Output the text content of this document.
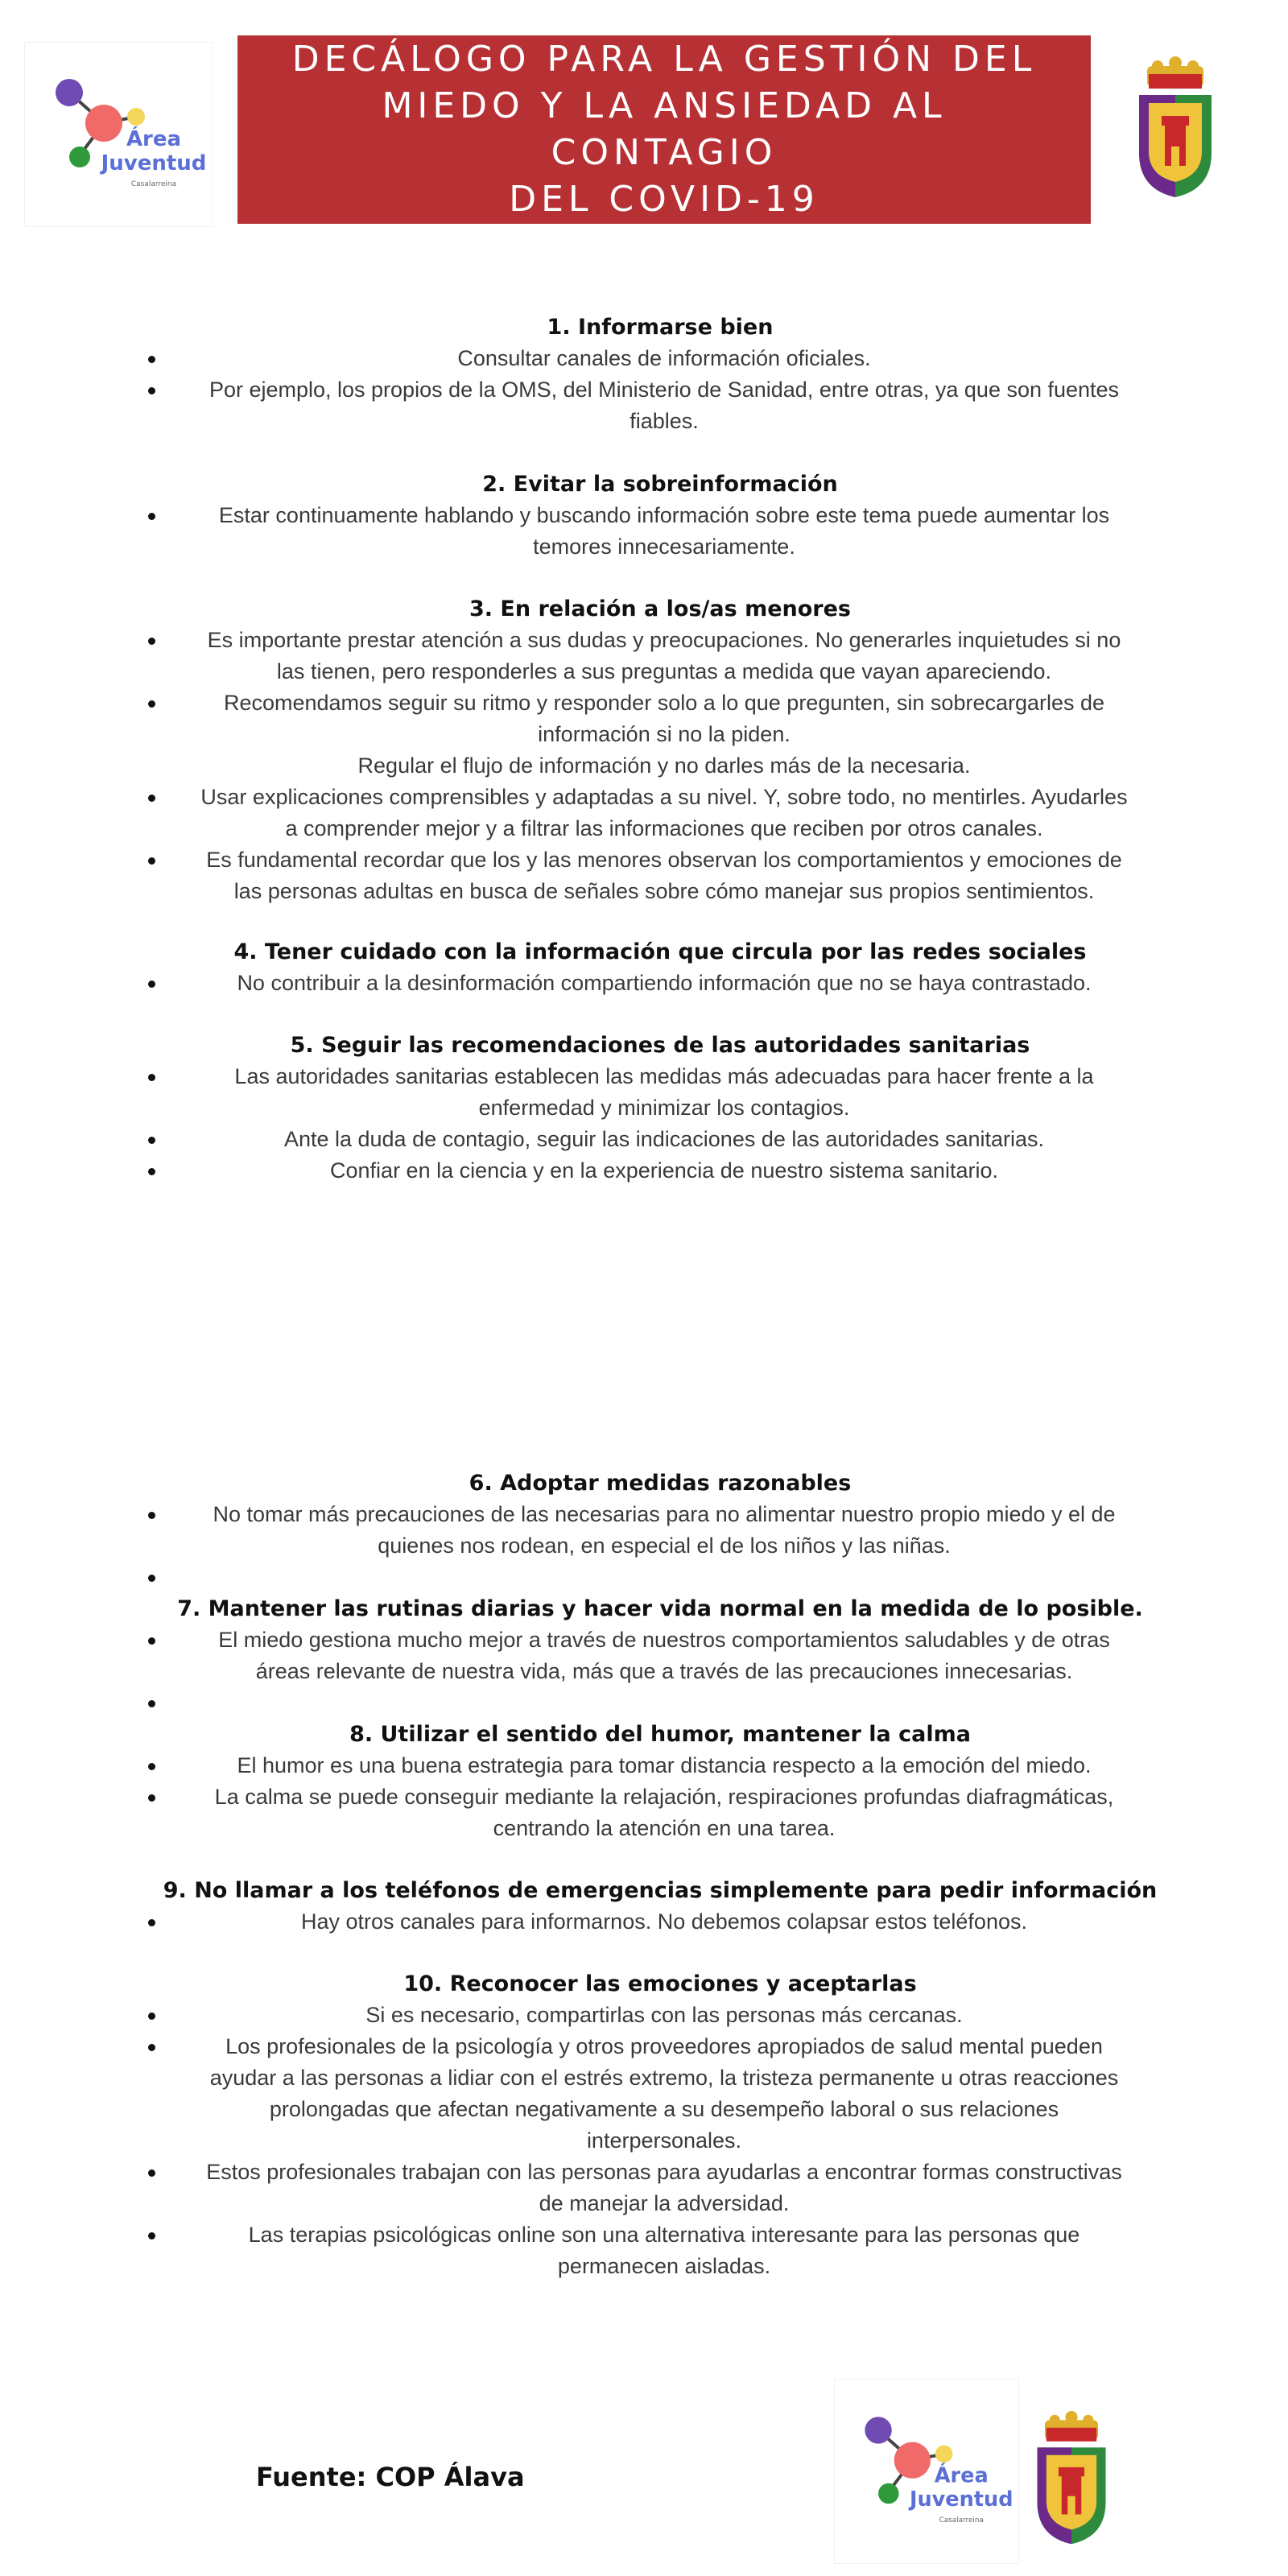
Área
Juventud
Casalarreina
DECÁLOGO PARA LA GESTIÓN DEL
MIEDO Y LA ANSIEDAD AL CONTAGIO
DEL COVID-19
1. Informarse bien
Consultar canales de información oficiales.
Por ejemplo, los propios de la OMS, del Ministerio de Sanidad, entre otras, ya que son fuentes fiables.
2. Evitar la sobreinformación
Estar continuamente hablando y buscando información sobre este tema puede aumentar los temores innecesariamente.
3. En relación a los/as menores
Es importante prestar atención a sus dudas y preocupaciones. No generarles inquietudes si no las tienen, pero responderles a sus preguntas a medida que vayan apareciendo.
Recomendamos seguir su ritmo y responder solo a lo que pregunten, sin sobrecargarles de información si no la piden.
Regular el flujo de información y no darles más de la necesaria.
Usar explicaciones comprensibles y adaptadas a su nivel. Y, sobre todo, no mentirles. Ayudarles a comprender mejor y a filtrar las informaciones que reciben por otros canales.
Es fundamental recordar que los y las menores observan los comportamientos y emociones de las personas adultas en busca de señales sobre cómo manejar sus propios sentimientos.
4. Tener cuidado con la información que circula por las redes sociales
No contribuir a la desinformación compartiendo información que no se haya contrastado.
5. Seguir las recomendaciones de las autoridades sanitarias
Las autoridades sanitarias establecen las medidas más adecuadas para hacer frente a la enfermedad y minimizar los contagios.
Ante la duda de contagio, seguir las indicaciones de las autoridades sanitarias.
Confiar en la ciencia y en la experiencia de nuestro sistema sanitario.
6. Adoptar medidas razonables
No tomar más precauciones de las necesarias para no alimentar nuestro propio miedo y el de quienes nos rodean, en especial el de los niños y las niñas.
7. Mantener las rutinas diarias y hacer vida normal en la medida de lo posible.
El miedo gestiona mucho mejor a través de nuestros comportamientos saludables y de otras áreas relevante de nuestra vida, más que a través de las precauciones innecesarias.
8. Utilizar el sentido del humor, mantener la calma
El humor es una buena estrategia para tomar distancia respecto a la emoción del miedo.
La calma se puede conseguir mediante la relajación, respiraciones profundas diafragmáticas, centrando la atención en una tarea.
9. No llamar a los teléfonos de emergencias simplemente para pedir información
Hay otros canales para informarnos. No debemos colapsar estos teléfonos.
10. Reconocer las emociones y aceptarlas
Si es necesario, compartirlas con las personas más cercanas.
Los profesionales de la psicología y otros proveedores apropiados de salud mental pueden ayudar a las personas a lidiar con el estrés extremo, la tristeza permanente u otras reacciones prolongadas que afectan negativamente a su desempeño laboral o sus relaciones interpersonales.
Estos profesionales trabajan con las personas para ayudarlas a encontrar formas constructivas de manejar la adversidad.
Las terapias psicológicas online son una alternativa interesante para las personas que permanecen aisladas.
Fuente: COP Álava	Área
Juventud
Casalarreina
